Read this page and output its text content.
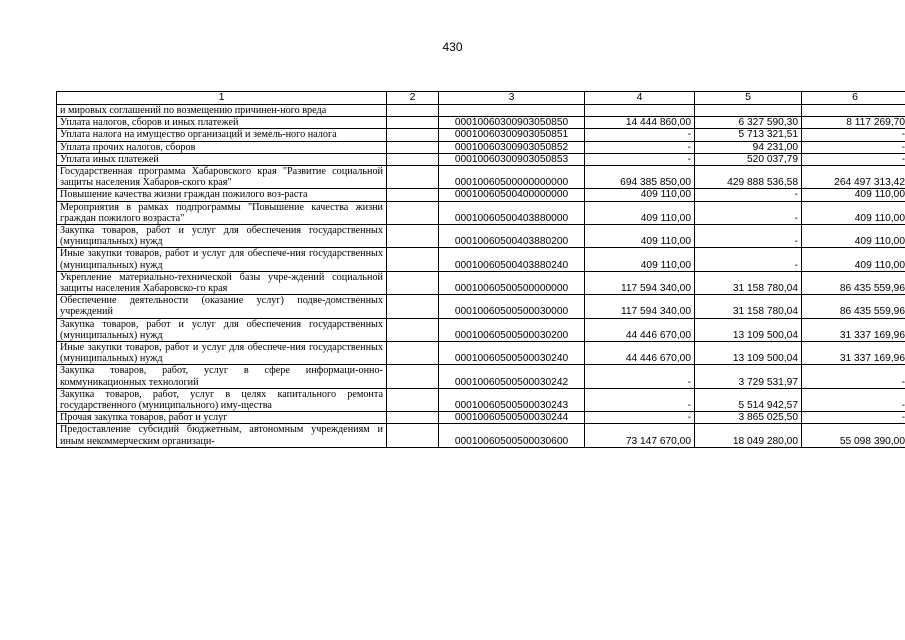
430
1	2	3	4	5	6
и мировых соглашений по возмещению причинен-ного вреда					
Уплата налогов, сборов и иных платежей		00010060300903050850	14 444 860,00	6 327 590,30	8 117 269,70
Уплата налога на имущество организаций и земель-ного налога		00010060300903050851	-	5 713 321,51	-
Уплата прочих налогов, сборов		00010060300903050852	-	94 231,00	-
Уплата иных платежей		00010060300903050853	-	520 037,79	-
Государственная программа Хабаровского края "Развитие социальной защиты населения Хабаров-ского края"		00010060500000000000	694 385 850,00	429 888 536,58	264 497 313,42
Повышение качества жизни граждан пожилого воз-раста		00010060500400000000	409 110,00	-	409 110,00
Мероприятия в рамках подпрограммы "Повышение качества жизни граждан пожилого возраста"		00010060500403880000	409 110,00	-	409 110,00
Закупка товаров, работ и услуг для обеспечения государственных (муниципальных) нужд		00010060500403880200	409 110,00	-	409 110,00
Иные закупки товаров, работ и услуг для обеспече-ния государственных (муниципальных) нужд		00010060500403880240	409 110,00	-	409 110,00
Укрепление материально-технической базы учре-ждений социальной защиты населения Хабаровско-го края		00010060500500000000	117 594 340,00	31 158 780,04	86 435 559,96
Обеспечение деятельности (оказание услуг) подве-домственных учреждений		00010060500500030000	117 594 340,00	31 158 780,04	86 435 559,96
Закупка товаров, работ и услуг для обеспечения государственных (муниципальных) нужд		00010060500500030200	44 446 670,00	13 109 500,04	31 337 169,96
Иные закупки товаров, работ и услуг для обеспече-ния государственных (муниципальных) нужд		00010060500500030240	44 446 670,00	13 109 500,04	31 337 169,96
Закупка товаров, работ, услуг в сфере информаци-онно-коммуникационных технологий		00010060500500030242	-	3 729 531,97	-
Закупка товаров, работ, услуг в целях капитального ремонта государственного (муниципального) иму-щества		00010060500500030243	-	5 514 942,57	-
Прочая закупка товаров, работ и услуг		00010060500500030244	-	3 865 025,50	-
Предоставление субсидий бюджетным, автономным учреждениям и иным некоммерческим организаци-		00010060500500030600	73 147 670,00	18 049 280,00	55 098 390,00
